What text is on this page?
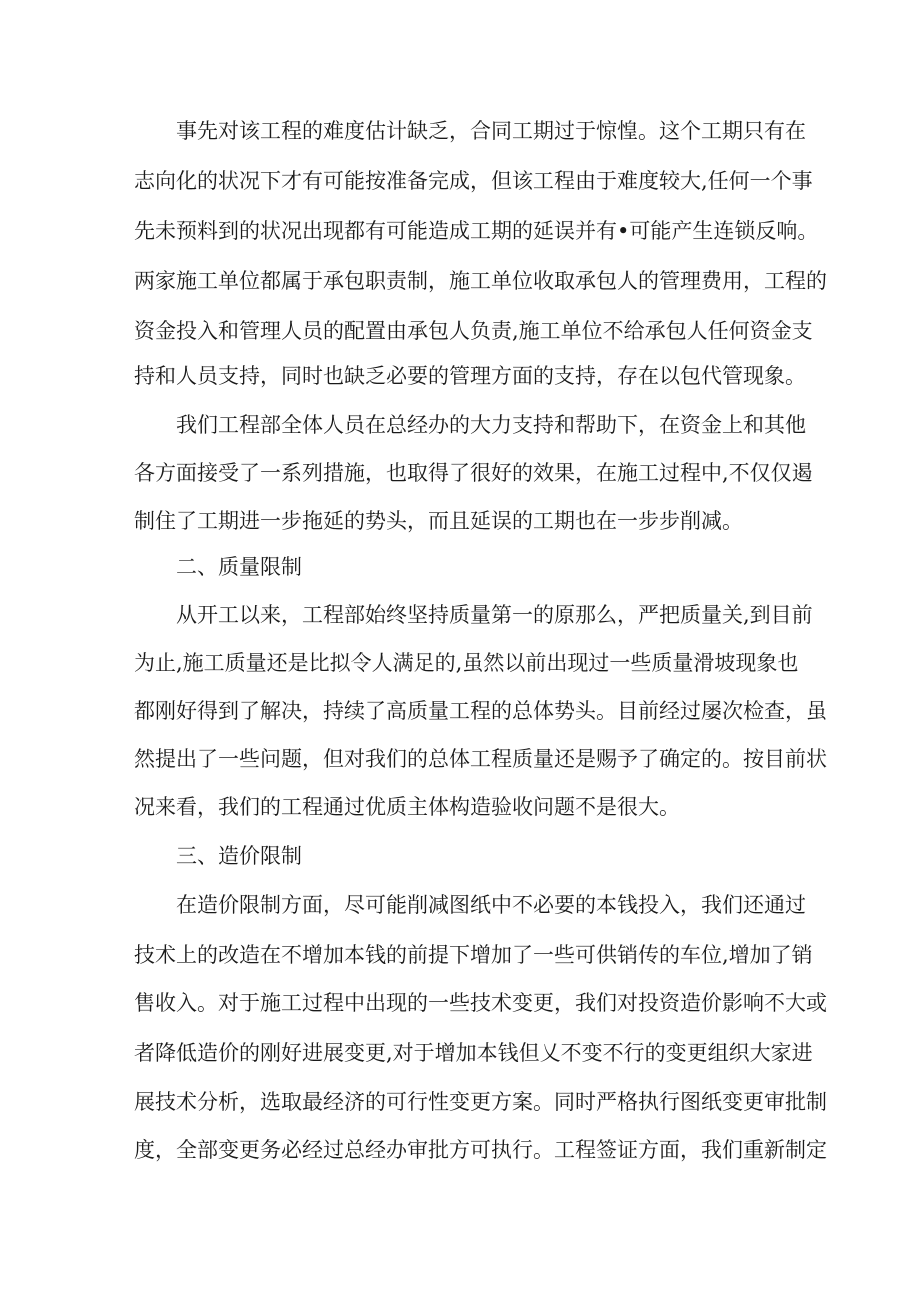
事先对该工程的难度估计缺乏，合同工期过于惊惶。这个工期只有在
志向化的状况下才有可能按准备完成，但该工程由于难度较大,任何一个事
先未预料到的状况出现都有可能造成工期的延误并有•可能产生连锁反响。
两家施工单位都属于承包职责制，施工单位收取承包人的管理费用，工程的
资金投入和管理人员的配置由承包人负责,施工单位不给承包人任何资金支
持和人员支持，同时也缺乏必要的管理方面的支持，存在以包代管现象。
我们工程部全体人员在总经办的大力支持和帮助下，在资金上和其他
各方面接受了一系列措施，也取得了很好的效果，在施工过程中,不仅仅遏
制住了工期进一步拖延的势头，而且延误的工期也在一步步削减。
二、质量限制
从开工以来，工程部始终坚持质量第一的原那么，严把质量关,到目前
为止,施工质量还是比拟令人满足的,虽然以前出现过一些质量滑坡现象也
都刚好得到了解决，持续了高质量工程的总体势头。目前经过屡次检查，虽
然提出了一些问题，但对我们的总体工程质量还是赐予了确定的。按目前状
况来看，我们的工程通过优质主体构造验收问题不是很大。
三、造价限制
在造价限制方面，尽可能削减图纸中不必要的本钱投入，我们还通过
技术上的改造在不增加本钱的前提下增加了一些可供销传的车位,增加了销
售收入。对于施工过程中出现的一些技术变更，我们对投资造价影响不大或
者降低造价的刚好进展变更,对于增加本钱但乂不变不行的变更组织大家进
展技术分析，选取最经济的可行性变更方案。同时严格执行图纸变更审批制
度，全部变更务必经过总经办审批方可执行。工程签证方面，我们重新制定
